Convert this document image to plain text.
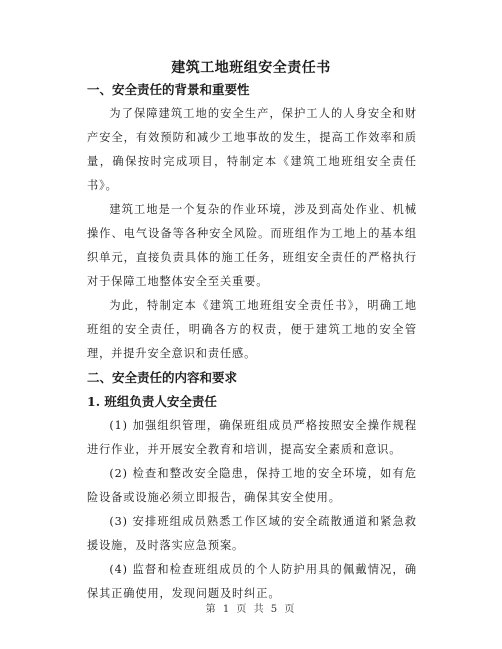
建筑工地班组安全责任书
一、安全责任的背景和重要性

为了保障建筑工地的安全生产，保护工人的人身安全和财产安全，有效预防和减少工地事故的发生，提高工作效率和质量，确保按时完成项目，特制定本《建筑工地班组安全责任书》。

建筑工地是一个复杂的作业环境，涉及到高处作业、机械操作、电气设备等各种安全风险。而班组作为工地上的基本组织单元，直接负责具体的施工任务，班组安全责任的严格执行对于保障工地整体安全至关重要。

为此，特制定本《建筑工地班组安全责任书》，明确工地班组的安全责任，明确各方的权责，便于建筑工地的安全管理，并提升安全意识和责任感。

二、安全责任的内容和要求
1. 班组负责人安全责任

(1) 加强组织管理，确保班组成员严格按照安全操作规程进行作业，并开展安全教育和培训，提高安全素质和意识。

(2) 检查和整改安全隐患，保持工地的安全环境，如有危险设备或设施必须立即报告，确保其安全使用。

(3) 安排班组成员熟悉工作区域的安全疏散通道和紧急救援设施，及时落实应急预案。

(4) 监督和检查班组成员的个人防护用具的佩戴情况，确保其正确使用，发现问题及时纠正。

第 1 页 共 5 页
